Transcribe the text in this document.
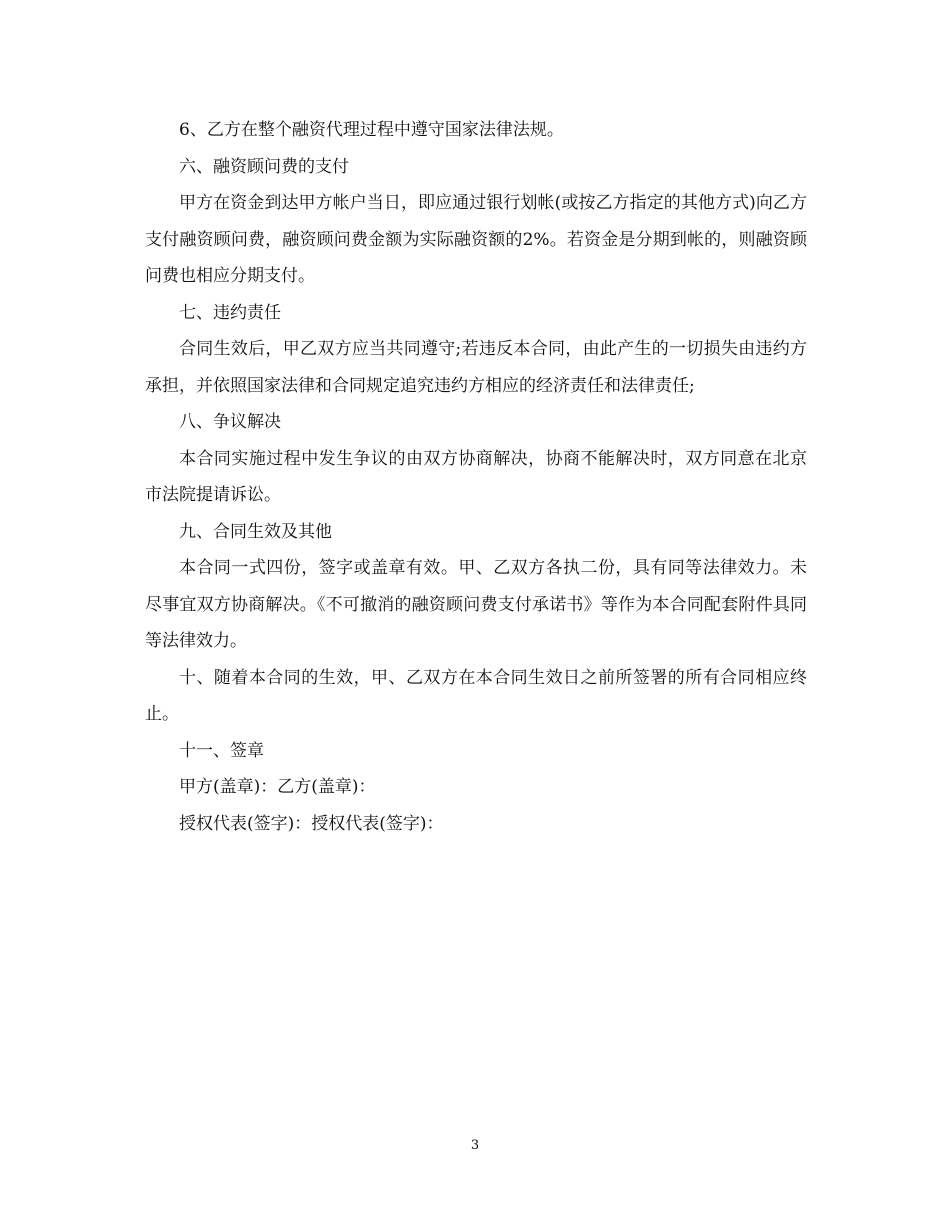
6、乙方在整个融资代理过程中遵守国家法律法规。

六、融资顾问费的支付

甲方在资金到达甲方帐户当日，即应通过银行划帐(或按乙方指定的其他方式)向乙方支付融资顾问费，融资顾问费金额为实际融资额的2%。若资金是分期到帐的，则融资顾问费也相应分期支付。

七、违约责任

合同生效后，甲乙双方应当共同遵守;若违反本合同，由此产生的一切损失由违约方承担，并依照国家法律和合同规定追究违约方相应的经济责任和法律责任;

八、争议解决

本合同实施过程中发生争议的由双方协商解决，协商不能解决时，双方同意在北京市法院提请诉讼。

九、合同生效及其他

本合同一式四份，签字或盖章有效。甲、乙双方各执二份，具有同等法律效力。未尽事宜双方协商解决。《不可撤消的融资顾问费支付承诺书》等作为本合同配套附件具同等法律效力。

十、随着本合同的生效，甲、乙双方在本合同生效日之前所签署的所有合同相应终止。

十一、签章

甲方(盖章)：乙方(盖章)：

授权代表(签字)：授权代表(签字)：

3
